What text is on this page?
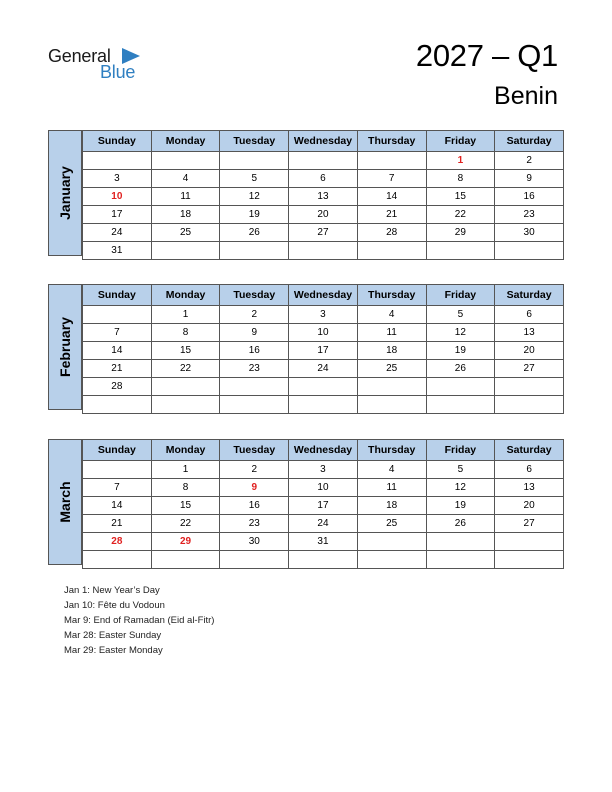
General
Blue	2027 – Q1
Benin
January
Sunday	Monday	Tuesday	Wednesday	Thursday	Friday	Saturday
					1	2
3	4	5	6	7	8	9
10	11	12	13	14	15	16
17	18	19	20	21	22	23
24	25	26	27	28	29	30
31						
February
Sunday	Monday	Tuesday	Wednesday	Thursday	Friday	Saturday
	1	2	3	4	5	6
7	8	9	10	11	12	13
14	15	16	17	18	19	20
21	22	23	24	25	26	27
28						

March
Sunday	Monday	Tuesday	Wednesday	Thursday	Friday	Saturday
	1	2	3	4	5	6
7	8	9	10	11	12	13
14	15	16	17	18	19	20
21	22	23	24	25	26	27
28	29	30	31			

Jan 1: New Year’s Day
Jan 10: Fête du Vodoun
Mar 9: End of Ramadan (Eid al-Fitr)
Mar 28: Easter Sunday
Mar 29: Easter Monday
